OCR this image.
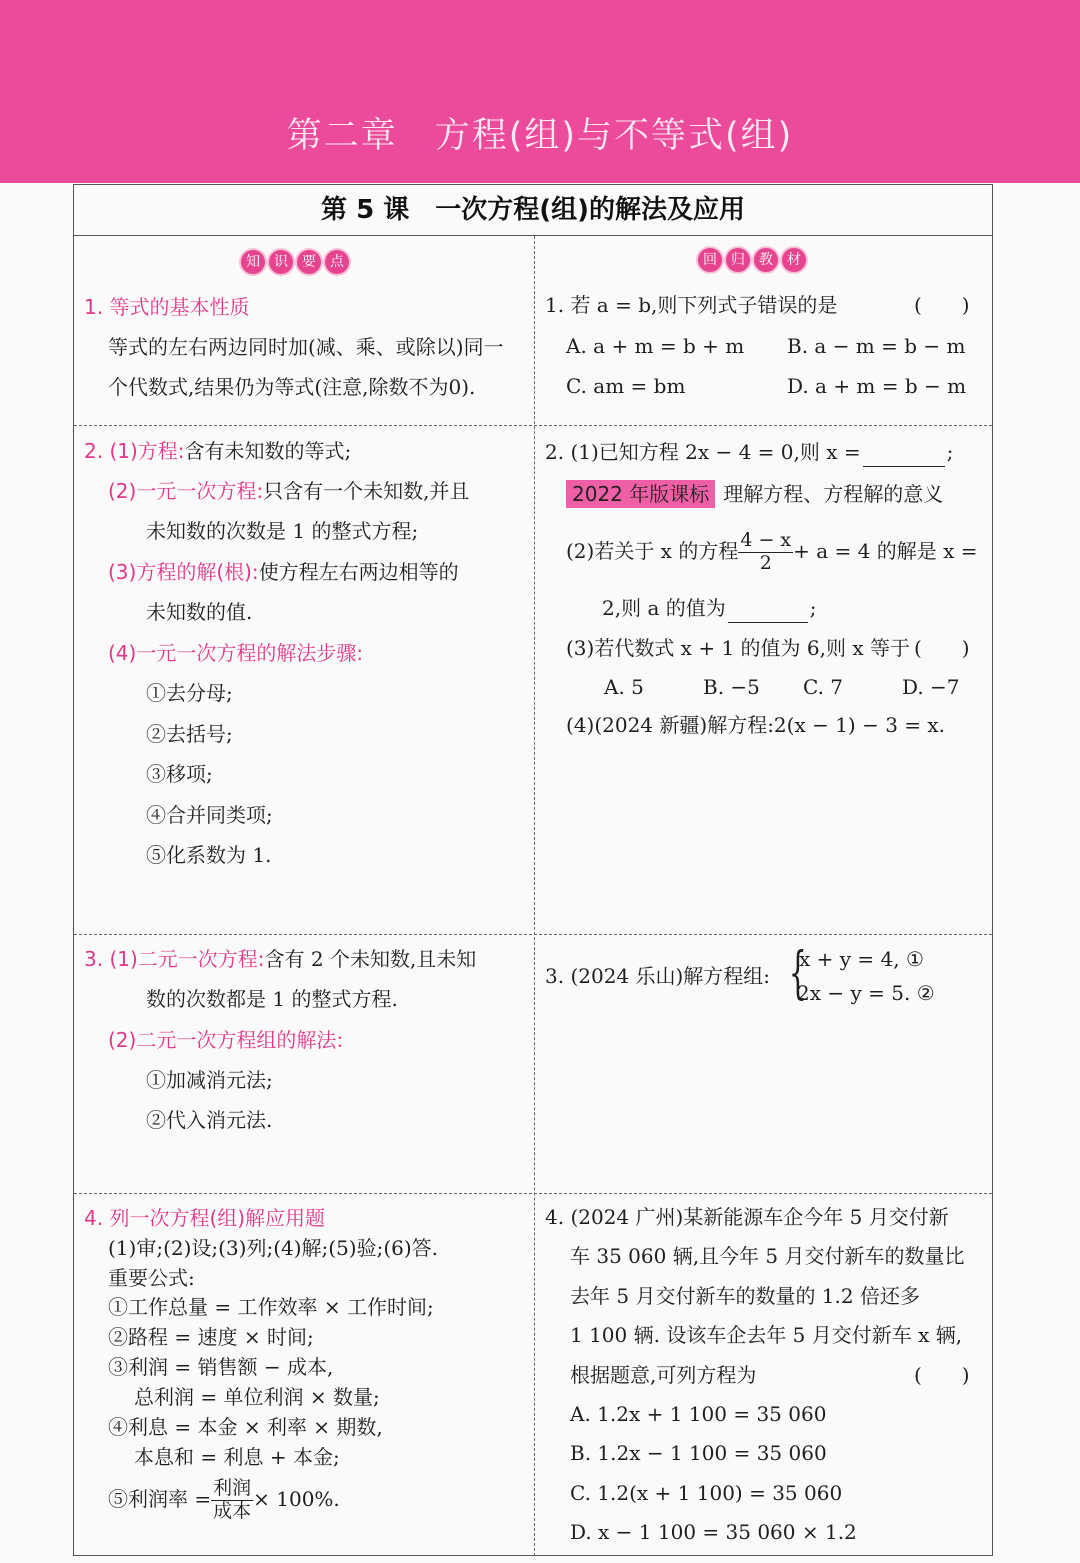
第二章　方程(组)与不等式(组)
第 5 课　一次方程(组)的解法及应用
知	识	要	点	回	归	教	材
1. 等式的基本性质
等式的左右两边同时加(减、乘、或除以)同一
个代数式,结果仍为等式(注意,除数不为0).
1. 若 a = b,则下列式子错误的是	(　　)
A. a + m = b + m B. a − m = b − m
C. am = bm	D. a + m = b − m
2. (1)方程:含有未知数的等式;
(2)一元一次方程:只含有一个未知数,并且
未知数的次数是 1 的整式方程;
(3)方程的解(根):使方程左右两边相等的
未知数的值.
(4)一元一次方程的解法步骤:
①去分母;
②去括号;
③移项;
④合并同类项;
⑤化系数为 1.
2. (1)已知方程 2x − 4 = 0,则 x =	;
2022 年版课标 理解方程、方程解的意义
(2)若关于 x 的方程 $\frac{4 - x}{2} + a = 4$ 的解是 x =
2,则 a 的值为	;
(3)若代数式 x + 1 的值为 6,则 x 等于 (　　)
A. 5	B. −5 C. 7	D. −7
(4)(2024 新疆)解方程:2(x − 1) − 3 = x.
3. (1)二元一次方程:含有 2 个未知数,且未知
数的次数都是 1 的整式方程.
(2)二元一次方程组的解法:
①加减消元法;
②代入消元法.
3. (2024 乐山)解方程组: {
x + y = 4, ①
2x − y = 5. ②
4. 列一次方程(组)解应用题
(1)审;(2)设;(3)列;(4)解;(5)验;(6)答.
重要公式:
①工作总量 = 工作效率 × 工作时间;
②路程 = 速度 × 时间;
③利润 = 销售额 − 成本,
总利润 = 单位利润 × 数量;
④利息 = 本金 × 利率 × 期数,
本息和 = 利息 + 本金;
⑤利润率 = $\frac{\text{利润}}{\text{成本}} \times 100\%$.
4. (2024 广州)某新能源车企今年 5 月交付新
车 35 060 辆,且今年 5 月交付新车的数量比
去年 5 月交付新车的数量的 1.2 倍还多
1 100 辆. 设该车企去年 5 月交付新车 x 辆,
根据题意,可列方程为	(　　)
A. 1.2x + 1 100 = 35 060
B. 1.2x − 1 100 = 35 060
C. 1.2(x + 1 100) = 35 060
D. x − 1 100 = 35 060 × 1.2
